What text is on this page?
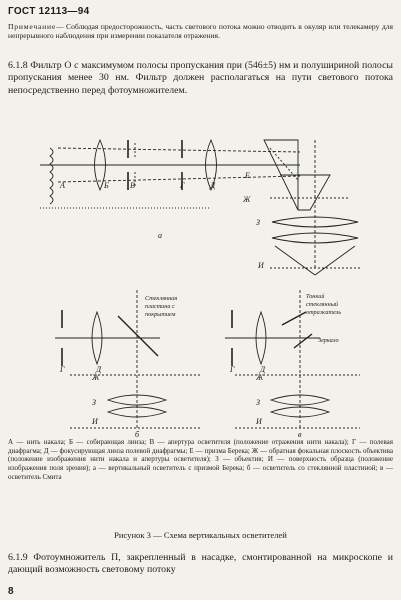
ГОСТ 12113—94
Примечание— Соблюдая предосторожность, часть светового потока можно отводить в окуляр или телекамеру для непрерывного наблюдения при измерении показателя отражения.
6.1.8 Фильтр О с максимумом полосы пропускания при (546±5) нм и полушириной полосы пропускания менее 30 нм. Фильтр должен располагаться на пути светового потока непосредственно перед фотоумножителем.
А	Б	В	Г	Д
Е
Ж
З
И
а
Г	Д
Ж
З
И
Стеклянная
пластина с
покрытием
б
Г	Д
Ж
З
И
Тонкий
стеклянный
отражатель
Зеркало
в
А — нить накала; Б — собирающая линза; В — апертура осветителя (положение отражения нити накала); Г — полевая диафрагма; Д — фокусирующая линза полевой диафрагмы; Е — призма Берека; Ж — обратная фокальная плоскость объектива (положение изображения нити накала и апертуры осветителя); З — объектив; И — поверхность образца (положение изображения поля зрения); а — вертикальный осветитель с призмой Берека; б — осветитель со стеклянной пластиной; в — осветитель Смита
Рисунок 3 — Схема вертикальных осветителей
6.1.9 Фотоумножитель П, закрепленный в насадке, смонтированной на микроскопе и дающий возможность световому потоку
8
